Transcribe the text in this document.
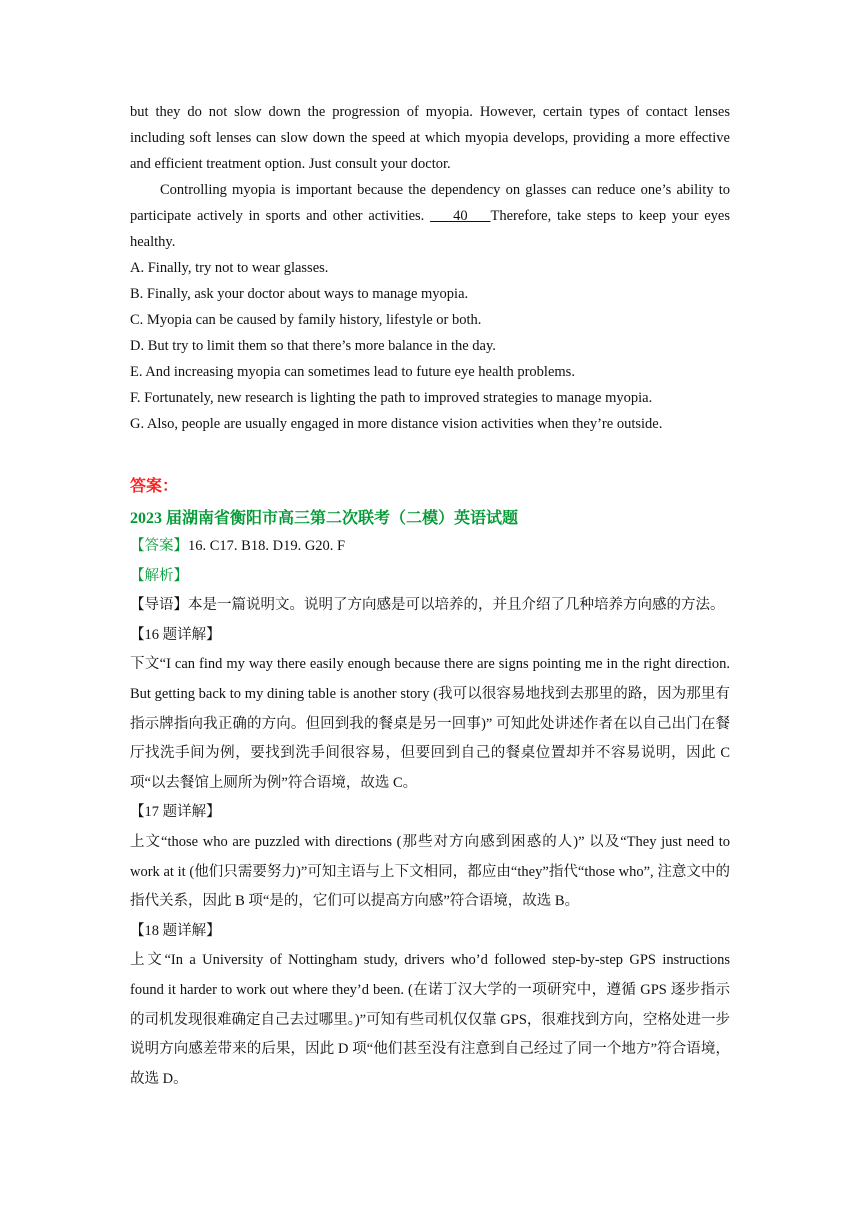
but they do not slow down the progression of myopia. However, certain types of contact lenses including soft lenses can slow down the speed at which myopia develops, providing a more effective and efficient treatment option. Just consult your doctor.

Controlling myopia is important because the dependency on glasses can reduce one’s ability to participate actively in sports and other activities.     40    Therefore, take steps to keep your eyes healthy.

A. Finally, try not to wear glasses.

B. Finally, ask your doctor about ways to manage myopia.

C. Myopia can be caused by family history, lifestyle or both.

D. But try to limit them so that there’s more balance in the day.

E. And increasing myopia can sometimes lead to future eye health problems.

F. Fortunately, new research is lighting the path to improved strategies to manage myopia.

G. Also, people are usually engaged in more distance vision activities when they’re outside.

答案：

2023 届湖南省衡阳市高三第二次联考（二模）英语试题

【答案】16. C17. B18. D19. G20. F

【解析】

【导语】本是一篇说明文。说明了方向感是可以培养的，并且介绍了几种培养方向感的方法。

【16 题详解】

下文“I can find my way there easily enough because there are signs pointing me in the right direction. But getting back to my dining table is another story (我可以很容易地找到去那里的路，因为那里有指示牌指向我正确的方向。但回到我的餐桌是另一回事)” 可知此处讲述作者在以自己出门在餐厅找洗手间为例，要找到洗手间很容易，但要回到自己的餐桌位置却并不容易说明，因此 C 项“以去餐馆上厕所为例”符合语境，故选 C。

【17 题详解】

上文“those who are puzzled with directions (那些对方向感到困惑的人)” 以及“They just need to work at it (他们只需要努力)”可知主语与上下文相同，都应由“they”指代“those who”, 注意文中的指代关系，因此 B 项“是的，它们可以提高方向感”符合语境，故选 B。

【18 题详解】

上文“In a University of Nottingham study, drivers who’d followed step-by-step GPS instructions found it harder to work out where they’d been. (在诺丁汉大学的一项研究中，遵循 GPS 逐步指示的司机发现很难确定自己去过哪里。)”可知有些司机仅仅靠 GPS，很难找到方向，空格处进一步说明方向感差带来的后果，因此 D 项“他们甚至没有注意到自己经过了同一个地方”符合语境，故选 D。
